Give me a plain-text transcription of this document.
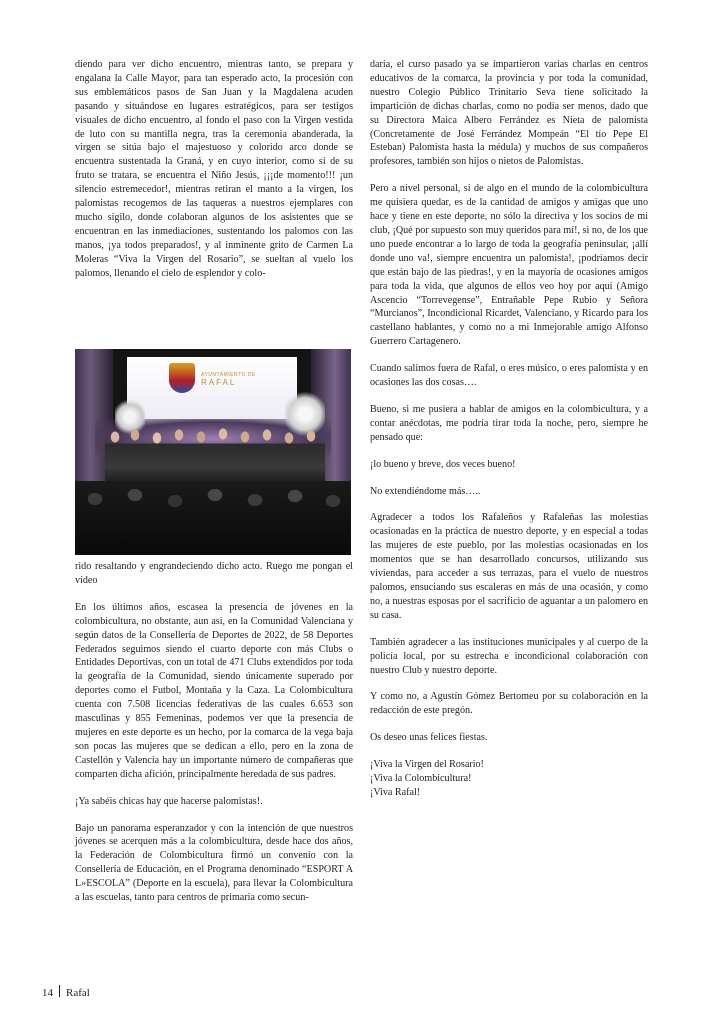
diendo para ver dicho encuentro, mientras tanto, se prepara y engalana la Calle Mayor, para tan esperado acto, la procesión con sus emblemáticos pasos de San Juan y la Magdalena acuden pasando y situándose en lugares estratégicos, para ser testigos visuales de dicho encuentro, al fondo el paso con la Virgen vestida de luto con su mantilla negra, tras la ceremonia abanderada, la virgen se sitúa bajo el majestuoso y colorido arco donde se encuentra sustentada la Graná, y en cuyo interior, como si de su fruto se tratara, se encuentra el Niño Jesús, ¡¡¡de momento!!! ¡un silencio estremecedor!, mientras retiran el manto a la virgen, los palomistas recogemos de las taqueras a nuestros ejemplares con mucho sigilo, donde colaboran algunos de los asistentes que se encuentran en las inmediaciones, sustentando los palomos con las manos, ¡ya todos preparados!, y al inminente grito de Carmen La Moleras “Viva la Virgen del Rosario”, se sueltan al vuelo los palomos, llenando el cielo de esplendor y colo-

AYUNTAMIENTO DE
RAFAL

rido resaltando y engrandeciendo dicho acto. Ruego me pongan el vídeo

En los últimos años, escasea la presencia de jóvenes en la colombicultura, no obstante, aun así, en la Comunidad Valenciana y según datos de la Consellería de Deportes de 2022, de 58 Deportes Federados seguimos siendo el cuarto deporte con más Clubs o Entidades Deportivas, con un total de 471 Clubs extendidos por toda la geografía de la Comunidad, siendo únicamente superado por deportes como el Futbol, Montaña y la Caza. La Colombicultura cuenta con 7.508 licencias federativas de las cuales 6.653 son masculinas y 855 Femeninas, podemos ver que la presencia de mujeres en este deporte es un hecho, por la comarca de la vega baja son pocas las mujeres que se dedican a ello, pero en la zona de Castellón y Valencia hay un importante número de compañeras que comparten dicha afición, principalmente heredada de sus padres.

¡Ya sabéis chicas hay que hacerse palomistas!.

Bajo un panorama esperanzador y con la intención de que nuestros jóvenes se acerquen más a la colombicultura, desde hace dos años, la Federación de Colombicultura firmó un convenio con la Consellería de Educación, en el Programa denominado “ESPORT A L»ESCOLA” (Deporte en la escuela), para llevar la Colombicultura a las escuelas, tanto para centros de primaria como secun-

daria, el curso pasado ya se impartieron varias charlas en centros educativos de la comarca, la provincia y por toda la comunidad, nuestro Colegio Público Trinitario Seva tiene solicitado la impartición de dichas charlas, como no podía ser menos, dado que su Directora Maica Albero Ferrández es Nieta de palomista (Concretamente de José Ferrández Mompeán “El tío Pepe El Esteban) Palomista hasta la médula) y muchos de sus compañeros profesores, también son hijos o nietos de Palomistas.

Pero a nivel personal, si de algo en el mundo de la colombicultura me quisiera quedar, es de la cantidad de amigos y amigas que uno hace y tiene en este deporte, no sólo la directiva y los socios de mi club, ¡Qué por supuesto son muy queridos para mí!, si no, de los que uno puede encontrar a lo largo de toda la geografía peninsular, ¡allí donde uno va!, siempre encuentra un palomista!, ¡podríamos decir que están bajo de las piedras!, y en la mayoría de ocasiones amigos para toda la vida, que algunos de ellos veo hoy por aquí (Amigo Ascencio “Torrevegense”, Entrañable Pepe Rubio y Señora “Murcianos”, Incondicional Ricardet, Valenciano, y Ricardo para los castellano hablantes, y como no a mi Inmejorable amigo Alfonso Guerrero Cartagenero.

Cuando salimos fuera de Rafal, o eres músico, o eres palomista y en ocasiones las dos cosas….

Bueno, si me pusiera a hablar de amigos en la colombicultura, y a contar anécdotas, me podría tirar toda la noche, pero, siempre he pensado que:

¡lo bueno y breve, dos veces bueno!

No extendiéndome más…..

Agradecer a todos los Rafaleños y Rafaleñas las molestias ocasionadas en la práctica de nuestro deporte, y en especial a todas las mujeres de este pueblo, por las molestias ocasionadas en los momentos que se han desarrollado concursos, utilizando sus viviendas, para acceder a sus terrazas, para el vuelo de nuestros palomos, ensuciando sus escaleras en más de una ocasión, y como no, a nuestras esposas por el sacrificio de aguantar a un palomero en su casa.

También agradecer a las instituciones municipales y al cuerpo de la policía local, por su estrecha e incondicional colaboración con nuestro Club y nuestro deporte.

Y como no, a Agustín Gómez Bertomeu por su colaboración en la redacción de este pregón.

Os deseo unas felices fiestas.

¡Viva la Virgen del Rosario!

¡Viva la Colombicultura!

¡Viva Rafal!

14 Rafal
